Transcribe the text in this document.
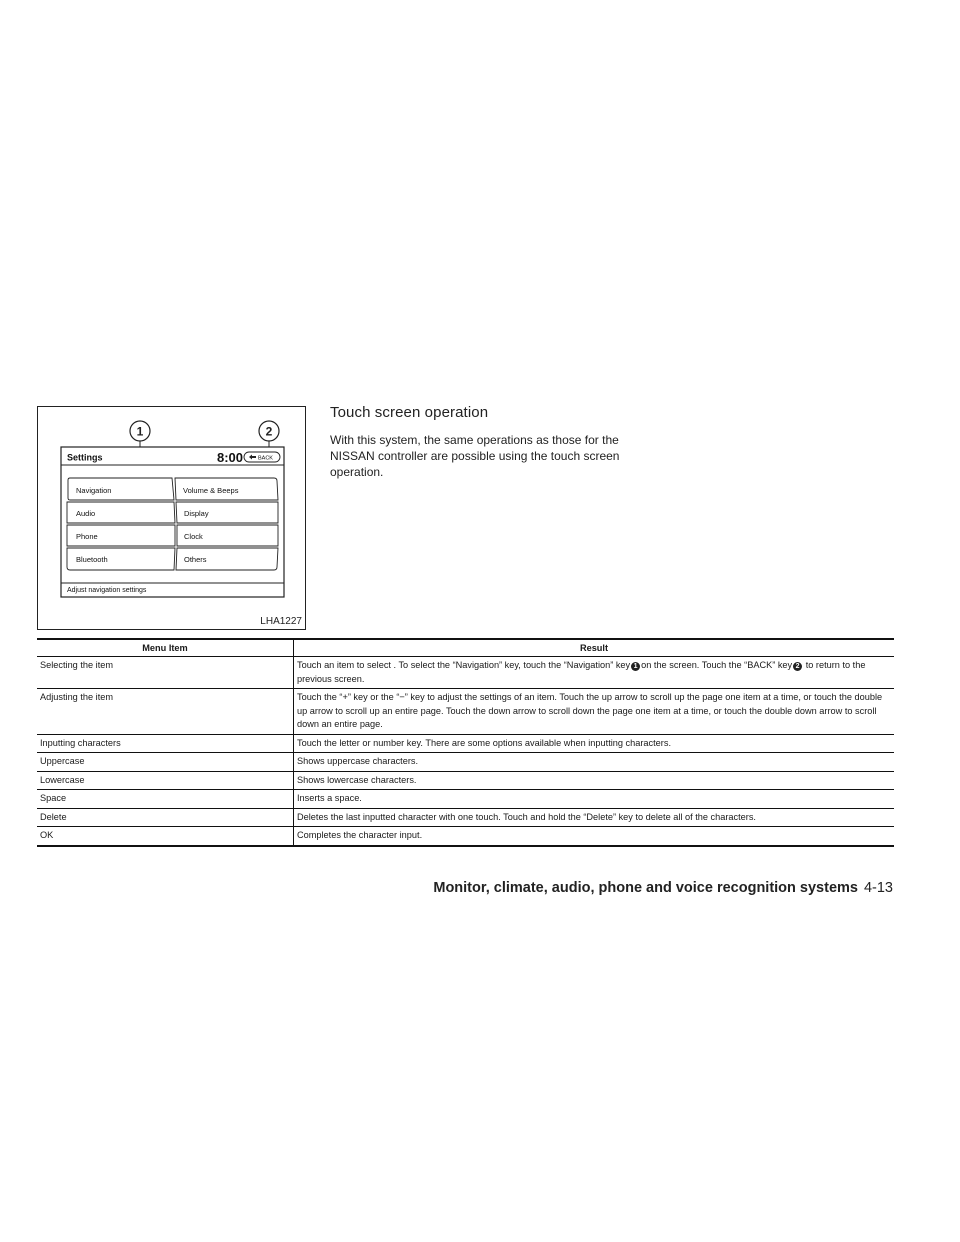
1	2
Settings	8:00	BACK
Navigation
Audio
Phone
Bluetooth
Volume & Beeps
Display
Clock
Others
Adjust navigation settings
LHA1227
Touch screen operation
With this system, the same operations as those for the NISSAN controller are possible using the touch screen operation.
Menu Item	Result
Selecting the item	Touch an item to select . To select the “Navigation” key, touch the “Navigation” key 1 on the screen. Touch the “BACK” key 2 to return to the previous screen.
Adjusting the item	Touch the “+” key or the “−” key to adjust the settings of an item. Touch the up arrow to scroll up the page one item at a time, or touch the double up arrow to scroll up an entire page. Touch the down arrow to scroll down the page one item at a time, or touch the double down arrow to scroll down an entire page.
Inputting characters	Touch the letter or number key. There are some options available when inputting characters.
Uppercase	Shows uppercase characters.
Lowercase	Shows lowercase characters.
Space	Inserts a space.
Delete	Deletes the last inputted character with one touch. Touch and hold the “Delete” key to delete all of the characters.
OK	Completes the character input.
Monitor, climate, audio, phone and voice recognition systems 4-13
